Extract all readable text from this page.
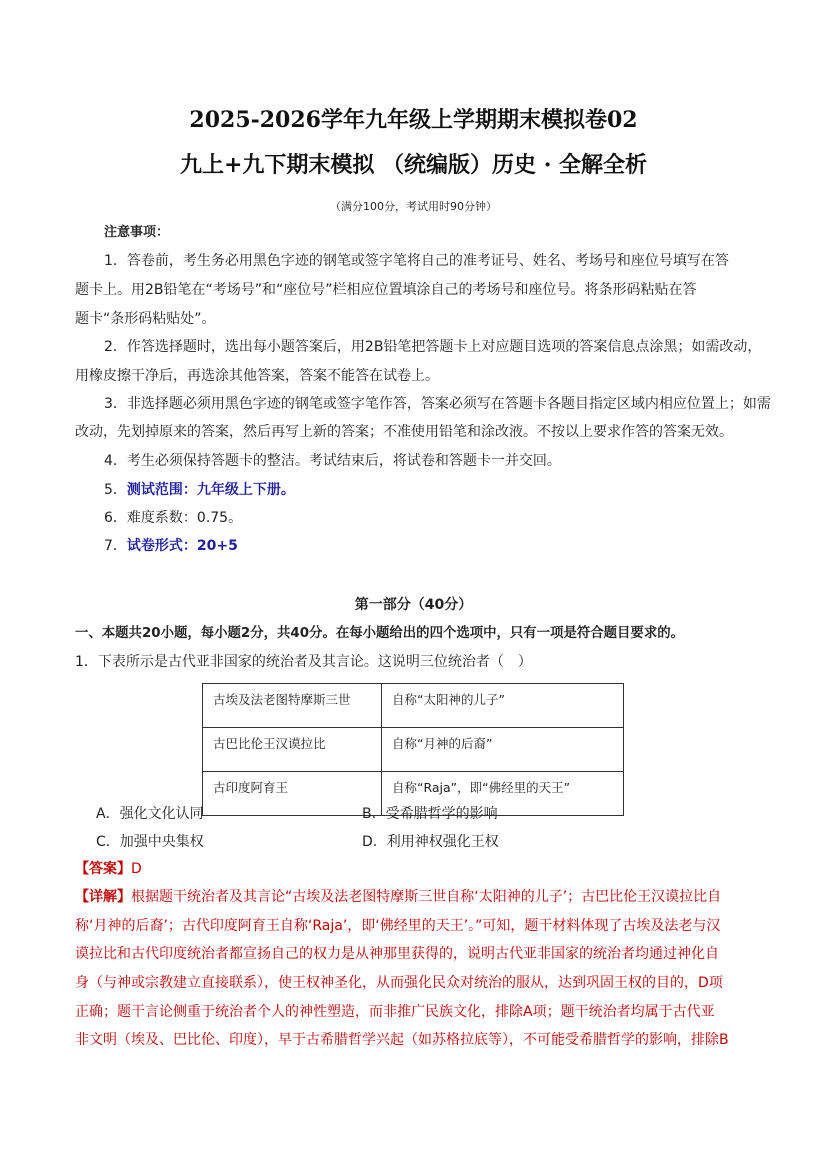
2025-2026学年九年级上学期期末模拟卷02
九上+九下期末模拟 （统编版）历史 · 全解全析
（满分100分，考试用时90分钟）
注意事项：
1．答卷前，考生务必用黑色字迹的钢笔或签字笔将自己的准考证号、姓名、考场号和座位号填写在答
题卡上。用2B铅笔在“考场号”和“座位号”栏相应位置填涂自己的考场号和座位号。将条形码粘贴在答
题卡“条形码粘贴处”。
2．作答选择题时，选出每小题答案后，用2B铅笔把答题卡上对应题目选项的答案信息点涂黑；如需改动，
用橡皮擦干净后，再选涂其他答案，答案不能答在试卷上。
3．非选择题必须用黑色字迹的钢笔或签字笔作答，答案必须写在答题卡各题目指定区域内相应位置上；如需
改动，先划掉原来的答案，然后再写上新的答案；不准使用铅笔和涂改液。不按以上要求作答的答案无效。
4．考生必须保持答题卡的整洁。考试结束后，将试卷和答题卡一并交回。
5．测试范围：九年级上下册。
6．难度系数：0.75。
7．试卷形式：20+5
第一部分（40分）
一、本题共20小题，每小题2分，共40分。在每小题给出的四个选项中，只有一项是符合题目要求的。
1．下表所示是古代亚非国家的统治者及其言论。这说明三位统治者（　）
古埃及法老图特摩斯三世	自称“太阳神的儿子”
古巴比伦王汉谟拉比	自称“月神的后裔”
古印度阿育王	自称“Raja”，即“佛经里的天王”
A．强化文化认同	B．受希腊哲学的影响
C．加强中央集权	D．利用神权强化王权
【答案】D
【详解】根据题干统治者及其言论“古埃及法老图特摩斯三世自称‘太阳神的儿子’；古巴比伦王汉谟拉比自
称‘月神的后裔’；古代印度阿育王自称‘Raja’，即‘佛经里的天王’。”可知，题干材料体现了古埃及法老与汉
谟拉比和古代印度统治者都宣扬自己的权力是从神那里获得的，说明古代亚非国家的统治者均通过神化自
身（与神或宗教建立直接联系），使王权神圣化，从而强化民众对统治的服从，达到巩固王权的目的，D项
正确；题干言论侧重于统治者个人的神性塑造，而非推广民族文化，排除A项；题干统治者均属于古代亚
非文明（埃及、巴比伦、印度），早于古希腊哲学兴起（如苏格拉底等），不可能受希腊哲学的影响，排除B
